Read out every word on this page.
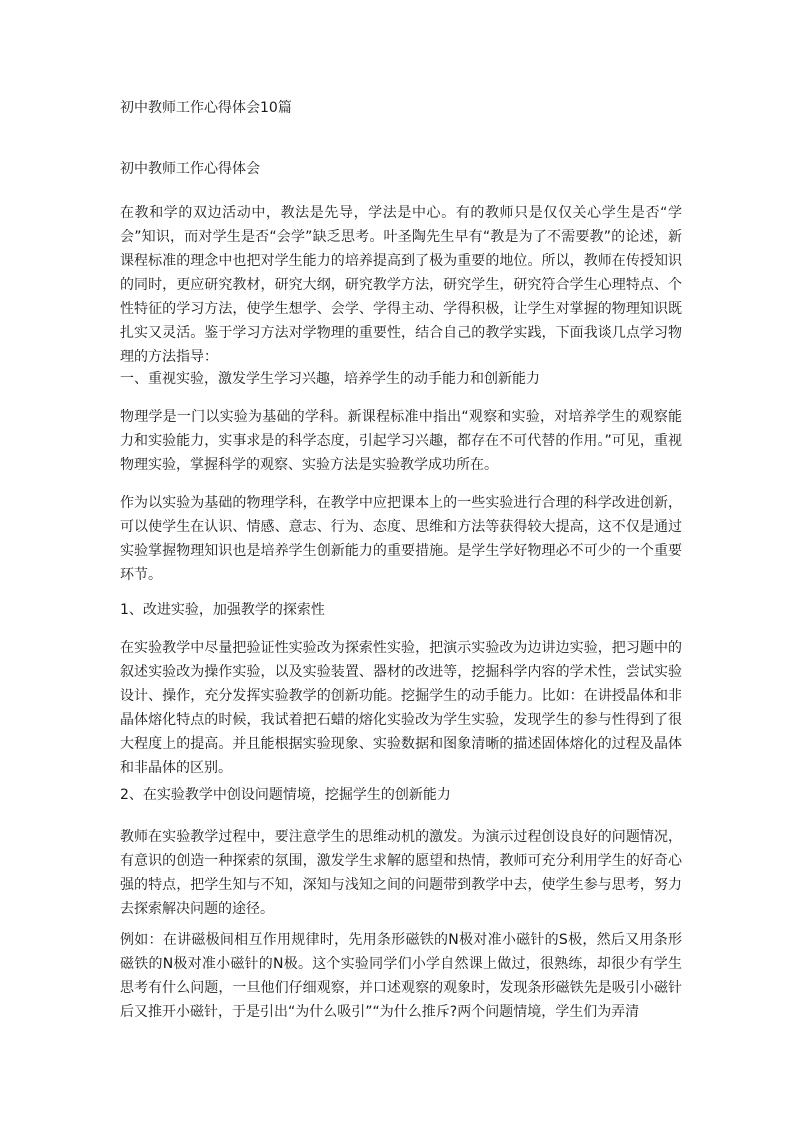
初中教师工作心得体会10篇
初中教师工作心得体会
在教和学的双边活动中，教法是先导，学法是中心。有的教师只是仅仅关心学生是否“学会”知识，而对学生是否“会学”缺乏思考。叶圣陶先生早有“教是为了不需要教”的论述，新课程标准的理念中也把对学生能力的培养提高到了极为重要的地位。所以，教师在传授知识的同时，更应研究教材，研究大纲，研究教学方法，研究学生，研究符合学生心理特点、个性特征的学习方法，使学生想学、会学、学得主动、学得积极，让学生对掌握的物理知识既扎实又灵活。鉴于学习方法对学物理的重要性，结合自己的教学实践，下面我谈几点学习物理的方法指导：
一、重视实验，激发学生学习兴趣，培养学生的动手能力和创新能力
物理学是一门以实验为基础的学科。新课程标准中指出“观察和实验，对培养学生的观察能力和实验能力，实事求是的科学态度，引起学习兴趣，都存在不可代替的作用。”可见，重视物理实验，掌握科学的观察、实验方法是实验教学成功所在。
作为以实验为基础的物理学科，在教学中应把课本上的一些实验进行合理的科学改进创新，可以使学生在认识、情感、意志、行为、态度、思维和方法等获得较大提高，这不仅是通过实验掌握物理知识也是培养学生创新能力的重要措施。是学生学好物理必不可少的一个重要环节。
1、改进实验，加强教学的探索性
在实验教学中尽量把验证性实验改为探索性实验，把演示实验改为边讲边实验，把习题中的叙述实验改为操作实验，以及实验装置、器材的改进等，挖掘科学内容的学术性，尝试实验设计、操作，充分发挥实验教学的创新功能。挖掘学生的动手能力。比如：在讲授晶体和非晶体熔化特点的时候，我试着把石蜡的熔化实验改为学生实验，发现学生的参与性得到了很大程度上的提高。并且能根据实验现象、实验数据和图象清晰的描述固体熔化的过程及晶体和非晶体的区别。
2、在实验教学中创设问题情境，挖掘学生的创新能力
教师在实验教学过程中，要注意学生的思维动机的激发。为演示过程创设良好的问题情况，有意识的创造一种探索的氛围，激发学生求解的愿望和热情，教师可充分利用学生的好奇心强的特点，把学生知与不知，深知与浅知之间的问题带到教学中去，使学生参与思考，努力去探索解决问题的途径。
例如：在讲磁极间相互作用规律时，先用条形磁铁的N极对准小磁针的S极，然后又用条形磁铁的N极对准小磁针的N极。这个实验同学们小学自然课上做过，很熟练，却很少有学生思考有什么问题，一旦他们仔细观察，并口述观察的观象时，发现条形磁铁先是吸引小磁针后又推开小磁针，于是引出“为什么吸引”“为什么推斥?两个问题情境，学生们为弄清
